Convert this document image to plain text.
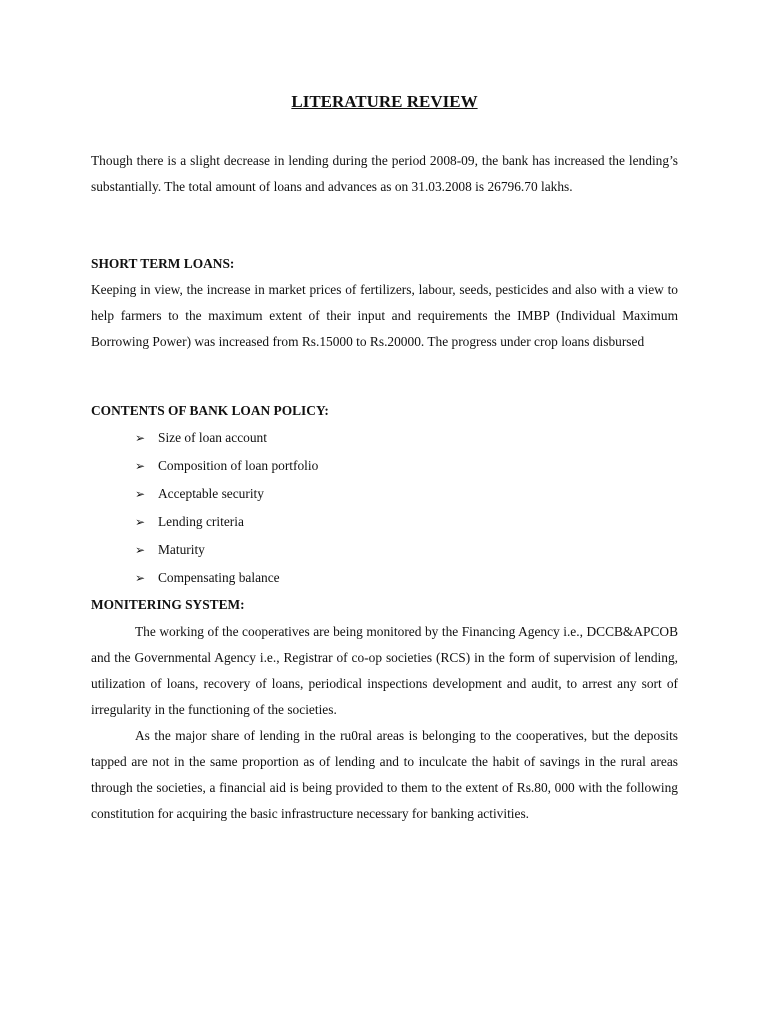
LITERATURE REVIEW

Though there is a slight decrease in lending during the period 2008-09, the bank has increased the lending’s substantially. The total amount of loans and advances as on 31.03.2008 is 26796.70 lakhs.

SHORT TERM LOANS:

Keeping in view, the increase in market prices of fertilizers, labour, seeds, pesticides and also with a view to help farmers to the maximum extent of their input and requirements the IMBP (Individual Maximum Borrowing Power) was increased from Rs.15000 to Rs.20000. The progress under crop loans disbursed

CONTENTS OF BANK LOAN POLICY:
➢ Size of loan account
➢ Composition of loan portfolio
➢ Acceptable security
➢ Lending criteria
➢ Maturity
➢ Compensating balance
MONITERING SYSTEM:

The working of the cooperatives are being monitored by the Financing Agency i.e., DCCB&APCOB and the Governmental Agency i.e., Registrar of co-op societies (RCS) in the form of supervision of lending, utilization of loans, recovery of loans, periodical inspections development and audit, to arrest any sort of irregularity in the functioning of the societies.

As the major share of lending in the ru0ral areas is belonging to the cooperatives, but the deposits tapped are not in the same proportion as of lending and to inculcate the habit of savings in the rural areas through the societies, a financial aid is being provided to them to the extent of Rs.80, 000 with the following constitution for acquiring the basic infrastructure necessary for banking activities.
